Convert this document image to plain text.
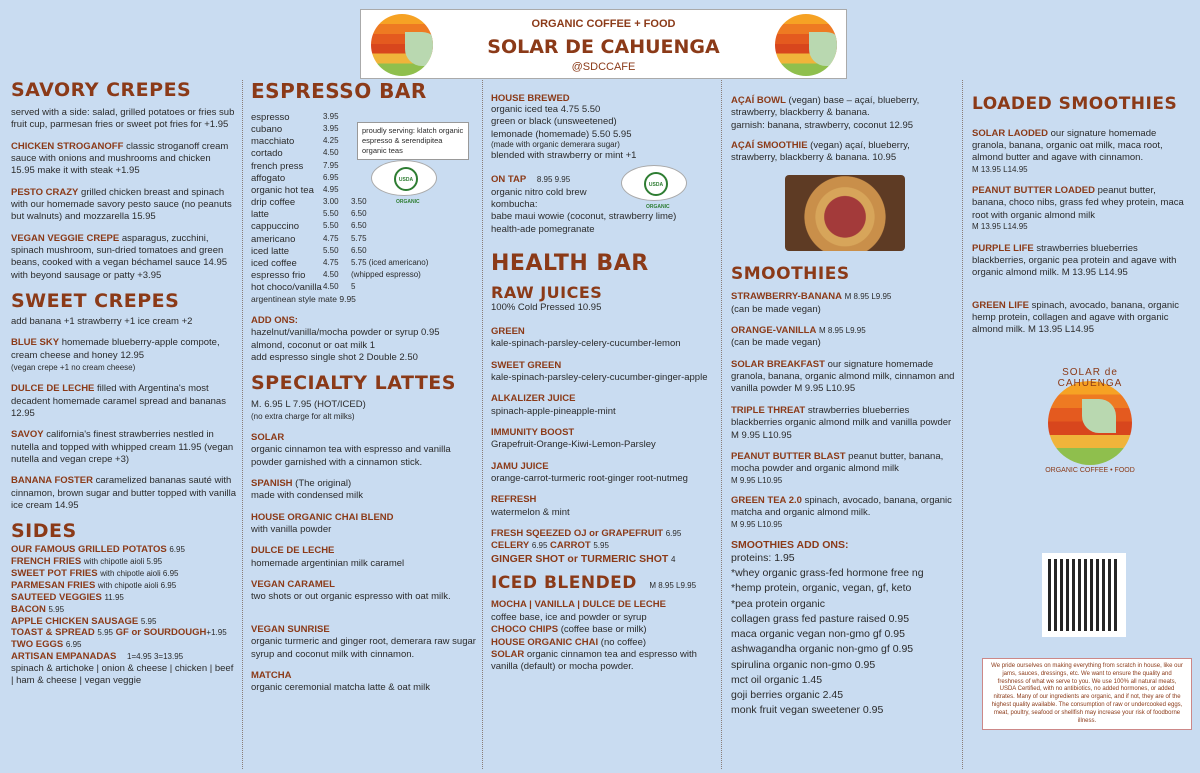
ORGANIC COFFEE + FOOD
SOLAR DE CAHUENGA
@SDCCAFE
SAVORY CREPES
served with a side: salad, grilled potatoes or fries sub fruit cup, parmesan fries or sweet pot fries for +1.95
CHICKEN STROGANOFF classic stroganoff cream sauce with onions and mushrooms and chicken 15.95 make it with steak +1.95
PESTO CRAZY grilled chicken breast and spinach with our homemade savory pesto sauce (no peanuts but walnuts) and mozzarella 15.95
VEGAN VEGGIE CREPE asparagus, zucchini, spinach mushroom, sun-dried tomatoes and green beans, cooked with a vegan béchamel sauce 14.95 with beyond sausage or patty +3.95
SWEET CREPES
add banana +1 strawberry +1 ice cream +2
BLUE SKY homemade blueberry-apple compote, cream cheese and honey 12.95
(vegan crepe +1 no cream cheese)
DULCE DE LECHE filled with Argentina's most decadent homemade caramel spread and bananas 12.95
SAVOY california's finest strawberries nestled in nutella and topped with whipped cream 11.95 (vegan nutella and vegan crepe +3)
BANANA FOSTER caramelized bananas sauté with cinnamon, brown sugar and butter topped with vanilla ice cream 14.95
SIDES
OUR FAMOUS GRILLED POTATOS 6.95
FRENCH FRIES with chipotle aioli 5.95
SWEET POT FRIES with chipotle aioli 6.95
PARMESAN FRIES with chipotle aioli 6.95
SAUTEED VEGGIES 11.95
BACON 5.95
APPLE CHICKEN SAUSAGE 5.95
TOAST & SPREAD 5.95 GF or SOURDOUGH+1.95
TWO EGGS 6.95
ARTISAN EMPANADAS 1=4.95 3=13.95
spinach & artichoke | onion & cheese | chicken | beef | ham & cheese | vegan veggie
ESPRESSO BAR
proudly serving: klatch organic espresso & serendipitea organic teas
USDA ORGANIC
espresso	3.95
cubano	3.95
macchiato	4.25
cortado	4.50
french press	7.95
affogato	6.95
organic hot tea	4.95
drip coffee	3.00	3.50
latte	5.50	6.50
cappuccino	5.50	6.50
americano	4.75	5.75
iced latte	5.50	6.50
iced coffee	4.75	5.75 (iced americano)
espresso frio	4.50	(whipped espresso)
hot choco/vanilla 4.50	5
argentinean style mate 9.95
ADD ONS:
hazelnut/vanilla/mocha powder or syrup 0.95
almond, coconut or oat milk 1
add espresso single shot 2 Double 2.50
SPECIALTY LATTES
M. 6.95 L 7.95 (HOT/ICED)
(no extra charge for alt milks)
SOLAR
organic cinnamon tea with espresso and vanilla powder garnished with a cinnamon stick.
SPANISH (The original)
made with condensed milk
HOUSE ORGANIC CHAI BLEND
with vanilla powder
DULCE DE LECHE
homemade argentinian milk caramel
VEGAN CARAMEL
two shots or out organic espresso with oat milk.
VEGAN SUNRISE
organic turmeric and ginger root, demerara raw sugar syrup and coconut milk with cinnamon.
MATCHA
organic ceremonial matcha latte & oat milk
HOUSE BREWED
organic iced tea 4.75 5.50
green or black (unsweetened)
lemonade (homemade) 5.50 5.95
(made with organic demerara sugar)
blended with strawberry or mint +1
ON TAP 8.95 9.95
USDA ORGANIC
organic nitro cold brew
kombucha:
babe maui wowie (coconut, strawberry lime)
health-ade pomegranate
HEALTH BAR
RAW JUICES
100% Cold Pressed 10.95
GREEN
kale-spinach-parsley-celery-cucumber-lemon
SWEET GREEN
kale-spinach-parsley-celery-cucumber-ginger-apple
ALKALIZER JUICE
spinach-apple-pineapple-mint
IMMUNITY BOOST
Grapefruit-Orange-Kiwi-Lemon-Parsley
JAMU JUICE
orange-carrot-turmeric root-ginger root-nutmeg
REFRESH
watermelon & mint
FRESH SQEEZED OJ or GRAPEFRUIT 6.95
CELERY 6.95 CARROT 5.95
GINGER SHOT or TURMERIC SHOT 4
ICED BLENDED M 8.95 L9.95
MOCHA | VANILLA | DULCE DE LECHE
coffee base, ice and powder or syrup
CHOCO CHIPS (coffee base or milk)
HOUSE ORGANIC CHAI (no coffee)
SOLAR organic cinnamon tea and espresso with vanilla (default) or mocha powder.
AÇAÍ BOWL (vegan) base – açaí, blueberry, strawberry, blackberry & banana.
garnish: banana, strawberry, coconut 12.95
AÇAÍ SMOOTHIE (vegan) açaí, blueberry, strawberry, blackberry & banana. 10.95
SMOOTHIES
STRAWBERRY-BANANA M 8.95 L9.95
(can be made vegan)
ORANGE-VANILLA M 8.95 L9.95
(can be made vegan)
SOLAR BREAKFAST our signature homemade granola, banana, organic almond milk, cinnamon and vanilla powder M 9.95 L10.95
TRIPLE THREAT strawberries blueberries blackberries organic almond milk and vanilla powder M 9.95 L10.95
PEANUT BUTTER BLAST peanut butter, banana, mocha powder and organic almond milk
M 9.95 L10.95
GREEN TEA 2.0 spinach, avocado, banana, organic matcha and organic almond milk.
M 9.95 L10.95
SMOOTHIES ADD ONS:
proteins: 1.95
*whey organic grass-fed hormone free ng
*hemp protein, organic, vegan, gf, keto
*pea protein organic
collagen grass fed pasture raised 0.95
maca organic vegan non-gmo gf 0.95
ashwagandha organic non-gmo gf 0.95
spirulina organic non-gmo 0.95
mct oil organic 1.45
goji berries organic 2.45
monk fruit vegan sweetener 0.95
LOADED SMOOTHIES
SOLAR LAODED our signature homemade granola, banana, organic oat milk, maca root, almond butter and agave with cinnamon.
M 13.95 L14.95
PEANUT BUTTER LOADED peanut butter, banana, choco nibs, grass fed whey protein, maca root with organic almond milk
M 13.95 L14.95
PURPLE LIFE strawberries blueberries blackberries, organic pea protein and agave with organic almond milk. M 13.95 L14.95
GREEN LIFE spinach, avocado, banana, organic hemp protein, collagen and agave with organic almond milk. M 13.95 L14.95
SOLAR de CAHUENGA
ORGANIC COFFEE • FOOD
We pride ourselves on making everything from scratch in house, like our jams, sauces, dressings, etc. We want to ensure the quality and freshness of what we serve to you. We use 100% all natural meats, USDA Certified, with no antibiotics, no added hormones, or added nitrates. Many of our ingredients are organic, and if not, they are of the highest quality available. The consumption of raw or undercooked eggs, meat, poultry, seafood or shellfish may increase your risk of foodborne illness.
